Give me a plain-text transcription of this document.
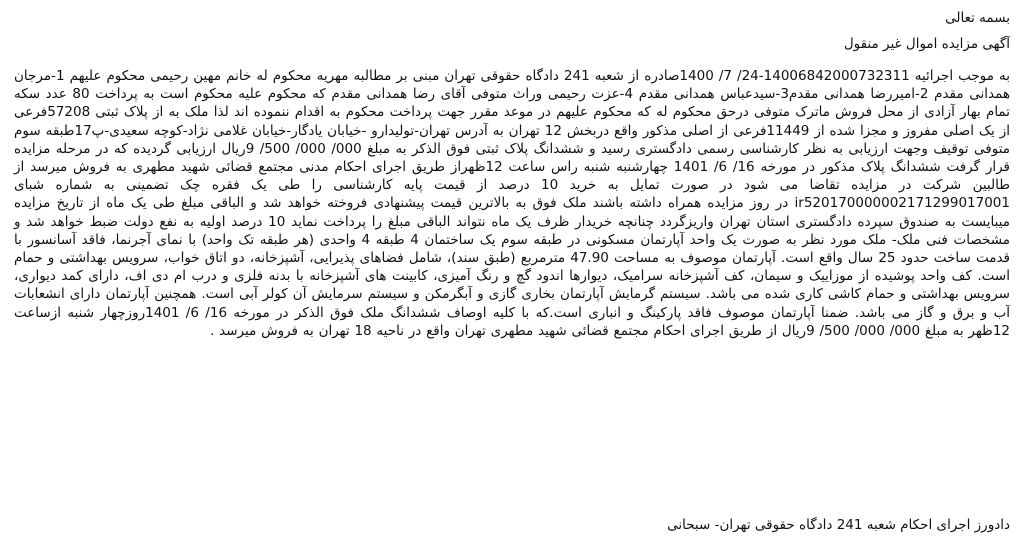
بسمه تعالی

آگهی مزایده اموال غیر منقول

به موجب اجرائیه 14006842000732311-24/ 7/ 1400صادره از شعبه 241 دادگاه حقوقی تهران مبنی بر مطالبه مهریه محکوم له خانم مهین رحیمی محکوم علیهم 1-مرجان همدانی مقدم 2-امیررضا همدانی مقدم3-سیدعباس همدانی مقدم 4-عزت رحیمی وراث متوفی آقای رضا همدانی مقدم که محکوم علیه محکوم است به پرداخت 80 عدد سکه تمام بهار آزادی از محل فروش ماترک متوفی درحق محکوم له که محکوم علیهم در موعد مقرر جهت پرداخت محکوم به اقدام ننموده اند لذا ملک به از پلاک ثبتی 57208فرعی از یک اصلی مفروز و مجزا شده از 11449فرعی از اصلی مذکور واقع دربخش 12 تهران به آدرس تهران-تولیدارو -خیابان یادگار-خیابان غلامی نژاد-کوچه سعیدی-پ17طبقه سوم متوفی توقیف وجهت ارزیابی به نظر کارشناسی رسمی دادگستری رسید و ششدانگ پلاک ثبتی فوق الذکر به مبلغ 000/ 000/ 500/ 9ریال ارزیابی گردیده که در مرحله مزایده قرار گرفت ششدانگ پلاک مذکور در مورخه 16/ 6/ 1401 چهارشنبه شنبه راس ساعت 12ظهراز طریق اجرای احکام مدنی مجتمع قضائی شهید مطهری به فروش میرسد از طالبین شرکت در مزایده تقاضا می شود در صورت تمایل به خرید 10 درصد از قیمت پایه کارشناسی را طی یک فقره چک تضمینی به شماره شبای ir520170000002171299017001 در روز مزایده همراه داشته باشند ملک فوق به بالاترین قیمت پیشنهادی فروخته خواهد شد و الباقی مبلغ طی یک ماه از تاریخ مزایده میبایست به صندوق سپرده دادگستری استان تهران واریزگردد چنانچه خریدار ظرف یک ماه نتواند الباقی مبلغ را پرداخت نماید 10 درصد اولیه به نفع دولت ضبط خواهد شد و مشخصات فنی ملک- ملک مورد نظر به صورت یک واحد آپارتمان مسکونی در طبقه سوم یک ساختمان 4 طبقه 4 واحدی (هر طبقه تک واحد) با نمای آجرنما، فاقد آسانسور با قدمت ساخت حدود 25 سال واقع است. آپارتمان موصوف به مساحت 47.90 مترمربع (طبق سند)، شامل فضاهای پذیرایی، آشپزخانه، دو اتاق خواب، سرویس بهداشتی و حمام است. کف واحد پوشیده از موزاییک و سیمان، کف آشپزخانه سرامیک، دیوارها اندود گچ و رنگ آمیزی، کابینت های آشپزخانه با بدنه فلزی و درب ام دی اف، دارای کمد دیواری، سرویس بهداشتی و حمام کاشی کاری شده می باشد. سیستم گرمایش آپارتمان بخاری گازی و آبگرمکن و سیستم سرمایش آن کولر آبی است. همچنین آپارتمان دارای انشعابات آب و برق و گاز می باشد. ضمنا آپارتمان موصوف فاقد پارکینگ و انباری است.که با کلیه اوصاف ششدانگ ملک فوق الذکر در مورخه 16/ 6/ 1401روزچهار شنبه ازساعت 12ظهر به مبلغ 000/ 000/ 500/ 9ریال از طریق اجرای احکام مجتمع قضائی شهید مطهری تهران واقع در ناحیه 18 تهران به فروش میرسد .

دادورز اجرای احکام شعبه 241 دادگاه حقوقی تهران- سبحانی
